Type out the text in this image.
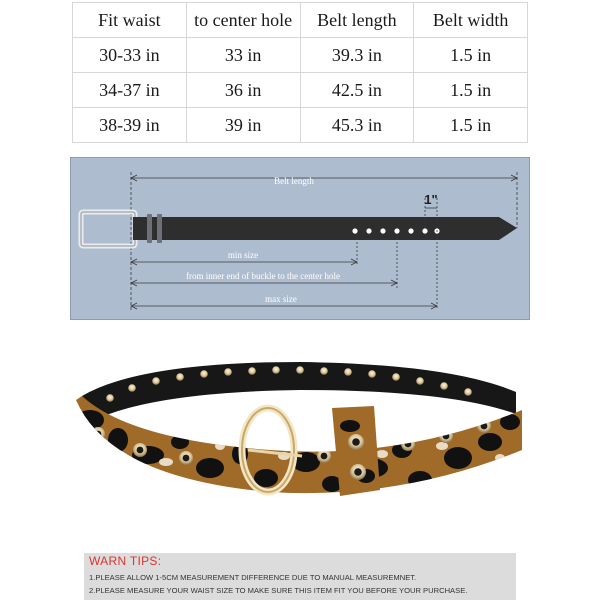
Fit waist	to center hole	Belt length	Belt width
30-33 in	33 in	39.3 in	1.5 in
34-37 in	36 in	42.5 in	1.5 in
38-39 in	39 in	45.3 in	1.5 in
Belt length
1"
min size
from inner end of buckle to the center hole
max size
WARN TIPS:
1.PLEASE ALLOW 1-5CM MEASUREMENT DIFFERENCE DUE TO MANUAL MEASUREMNET.
2.PLEASE MEASURE YOUR WAIST SIZE TO MAKE SURE THIS ITEM FIT YOU BEFORE YOUR PURCHASE.
